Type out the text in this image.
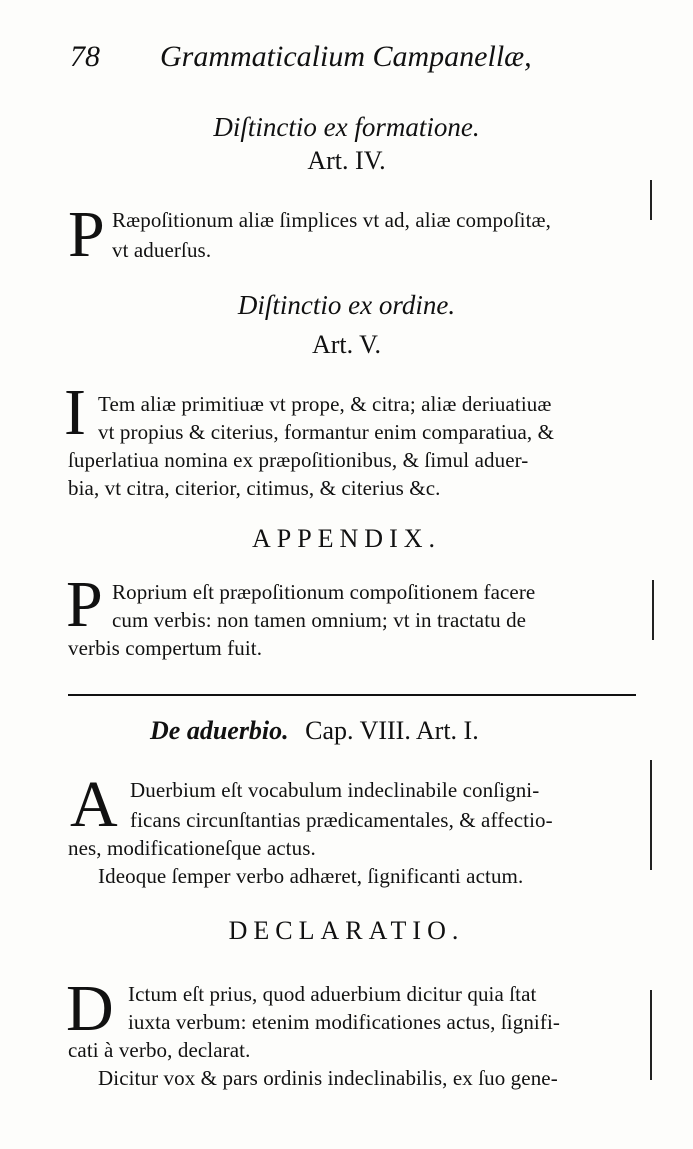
78 Grammaticalium Campanellæ,
Diſtinctio ex formatione.
Art. IV.
P Ræpoſitionum aliæ ſimplices vt ad, aliæ compoſitæ,
vt aduerſus.
Diſtinctio ex ordine.
Art. V.
I Tem aliæ primitiuæ vt prope, & citra; aliæ deriuatiuæ
vt propius & citerius, formantur enim comparatiua, &
ſuperlatiua nomina ex præpoſitionibus, & ſimul aduer-
bia, vt citra, citerior, citimus, & citerius &c.
APPENDIX.
P Roprium eſt præpoſitionum compoſitionem facere
cum verbis: non tamen omnium; vt in tractatu de
verbis compertum fuit.
De aduerbio. Cap. VIII. Art. I.
A Duerbium eſt vocabulum indeclinabile conſigni-
ficans circunſtantias prædicamentales, & affectio-
nes, modificationeſque actus.
Ideoque ſemper verbo adhæret, ſignificanti actum.
DECLARATIO.
D Ictum eſt prius, quod aduerbium dicitur quia ſtat
iuxta verbum: etenim modificationes actus, ſignifi-
cati à verbo, declarat.
Dicitur vox & pars ordinis indeclinabilis, ex ſuo gene-
